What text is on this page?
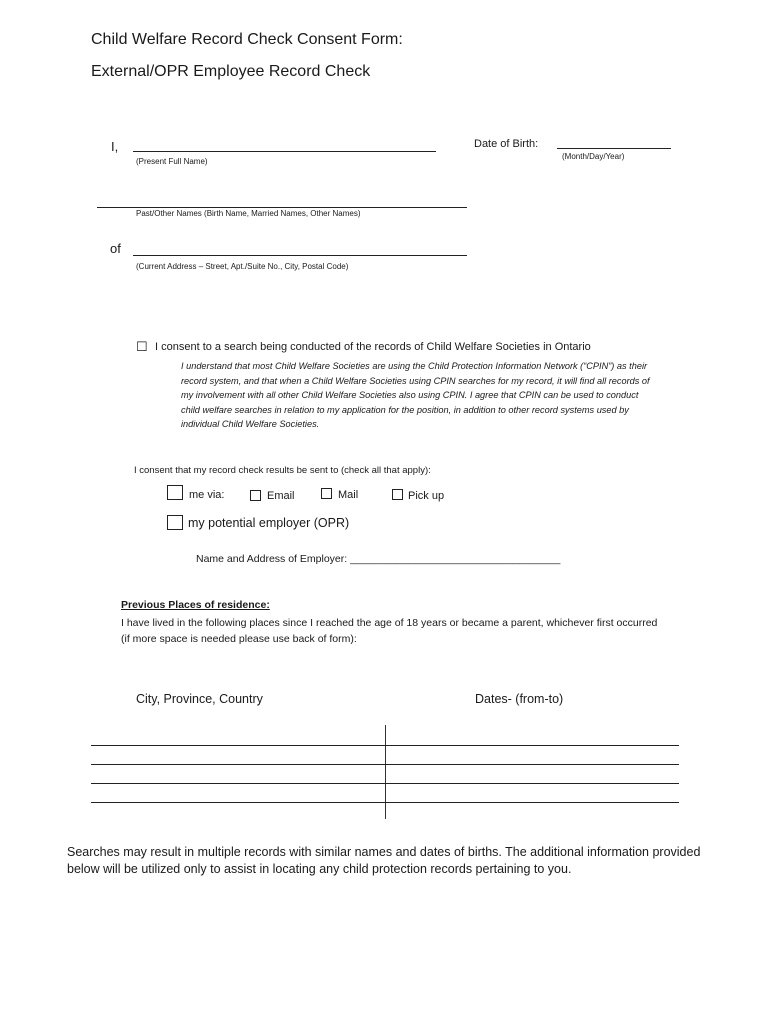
Child Welfare Record Check Consent Form:
External/OPR Employee Record Check
I,
(Present Full Name)
Date of Birth:
(Month/Day/Year)
Past/Other Names (Birth Name, Married Names, Other Names)
of
(Current Address – Street, Apt./Suite No., City, Postal Code)
☐ I consent to a search being conducted of the records of Child Welfare Societies in Ontario
I understand that most Child Welfare Societies are using the Child Protection Information Network (“CPIN”) as their record system, and that when a Child Welfare Societies using CPIN searches for my record, it will find all records of my involvement with all other Child Welfare Societies also using CPIN. I agree that CPIN can be used to conduct child welfare searches in relation to my application for the position, in addition to other record systems used by individual Child Welfare Societies.
I consent that my record check results be sent to (check all that apply):
me via:	Email	Mail	Pick up
my potential employer (OPR)
Name and Address of Employer: ____________________________________
Previous Places of residence:
I have lived in the following places since I reached the age of 18 years or became a parent, whichever first occurred (if more space is needed please use back of form):
City, Province, Country	Dates- (from-to)
Searches may result in multiple records with similar names and dates of births. The additional information provided below will be utilized only to assist in locating any child protection records pertaining to you.
